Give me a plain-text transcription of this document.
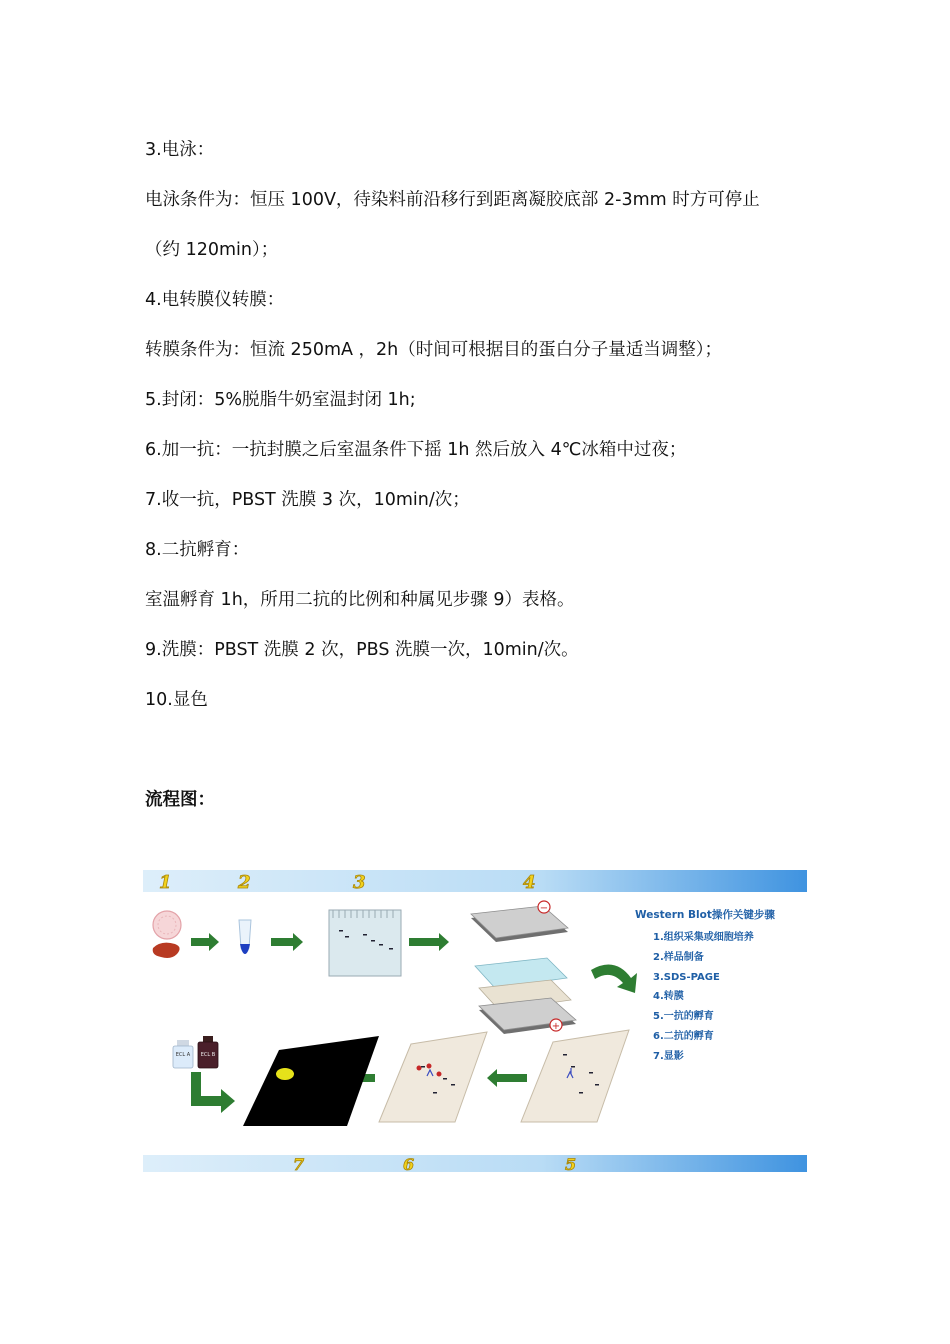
3.电泳：
电泳条件为：恒压 100V，待染料前沿移行到距离凝胶底部 2-3mm 时方可停止
（约 120min）；
4.电转膜仪转膜：
转膜条件为：恒流 250mA ，2h（时间可根据目的蛋白分子量适当调整）；
5.封闭：5%脱脂牛奶室温封闭 1h;
6.加一抗：一抗封膜之后室温条件下摇 1h 然后放入 4℃冰箱中过夜；
7.收一抗，PBST 洗膜 3 次，10min/次；
8.二抗孵育：
室温孵育 1h，所用二抗的比例和种属见步骤 9）表格。
9.洗膜：PBST 洗膜 2 次，PBS 洗膜一次，10min/次。
10.显色
流程图：
1	2	3	4
7	6	5
−
+
ECL A ECL B
Western Blot操作关键步骤
1.组织采集或细胞培养
2.样品制备
3.SDS-PAGE
4.转膜
5.一抗的孵育
6.二抗的孵育
7.显影
